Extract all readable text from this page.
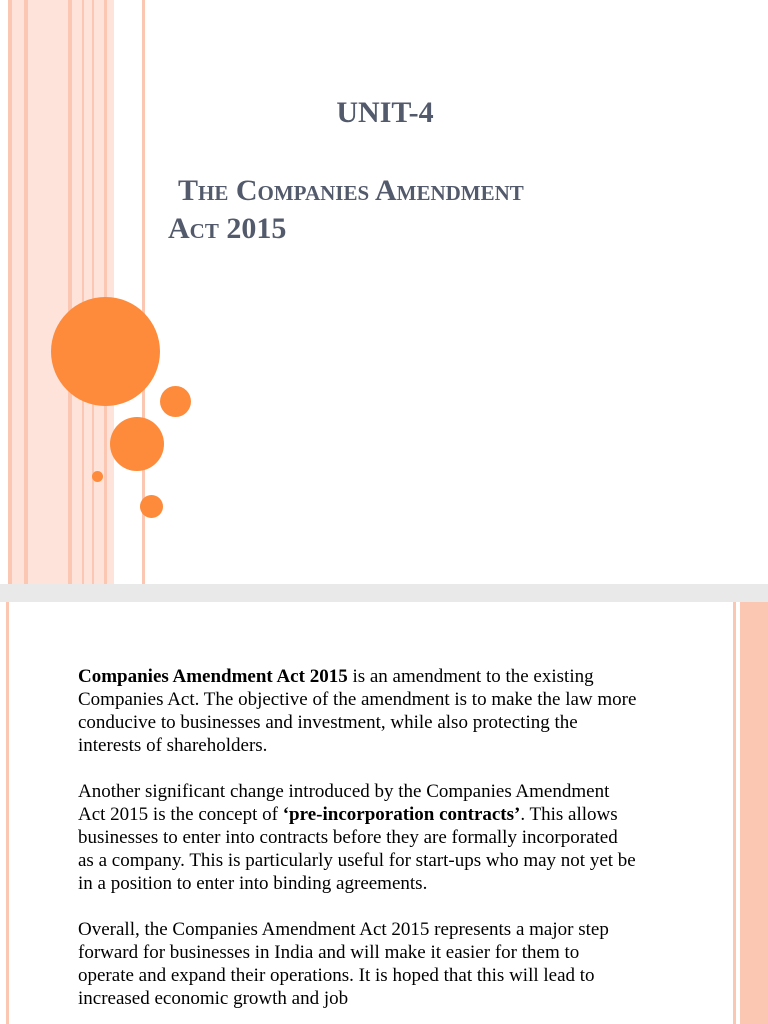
UNIT-4
The Companies Amendment
Act 2015

Companies Amendment Act 2015 is an amendment to the existing Companies Act. The objective of the amendment is to make the law more conducive to businesses and investment, while also protecting the interests of shareholders.

Another significant change introduced by the Companies Amendment Act 2015 is the concept of ‘pre-incorporation contracts’. This allows businesses to enter into contracts before they are formally incorporated as a company. This is particularly useful for start-ups who may not yet be in a position to enter into binding agreements.

Overall, the Companies Amendment Act 2015 represents a major step forward for businesses in India and will make it easier for them to operate and expand their operations. It is hoped that this will lead to increased economic growth and job
